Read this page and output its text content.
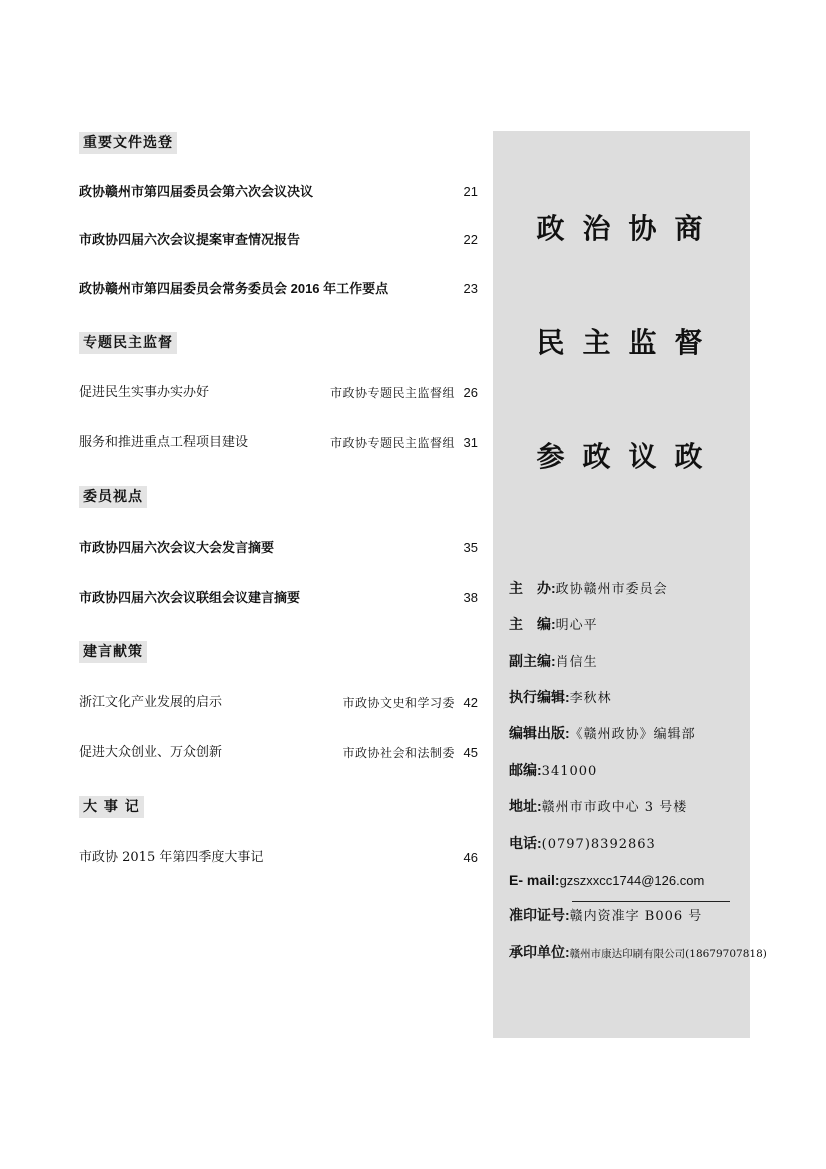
重要文件选登
政协赣州市第四届委员会第六次会议决议	21
市政协四届六次会议提案审查情况报告	22
政协赣州市第四届委员会常务委员会 2016 年工作要点	23
专题民主监督
促进民生实事办实办好	市政协专题民主监督组 26
服务和推进重点工程项目建设	市政协专题民主监督组 31
委员视点
市政协四届六次会议大会发言摘要	35
市政协四届六次会议联组会议建言摘要	38
建言献策
浙江文化产业发展的启示	市政协文史和学习委 42
促进大众创业、万众创新	市政协社会和法制委 45
大 事 记
市政协 2015 年第四季度大事记	46
政治协商
民主监督
参政议政
主　办:政协赣州市委员会
主　编:明心平
副主编:肖信生
执行编辑:李秋林
编辑出版:《赣州政协》编辑部
邮编:341000
地址:赣州市市政中心 3 号楼
电话:(0797)8392863
E- mail:gzszxxcc1744@126.com
准印证号:赣内资准字 B006 号
承印单位:赣州市康达印刷有限公司(18679707818)
